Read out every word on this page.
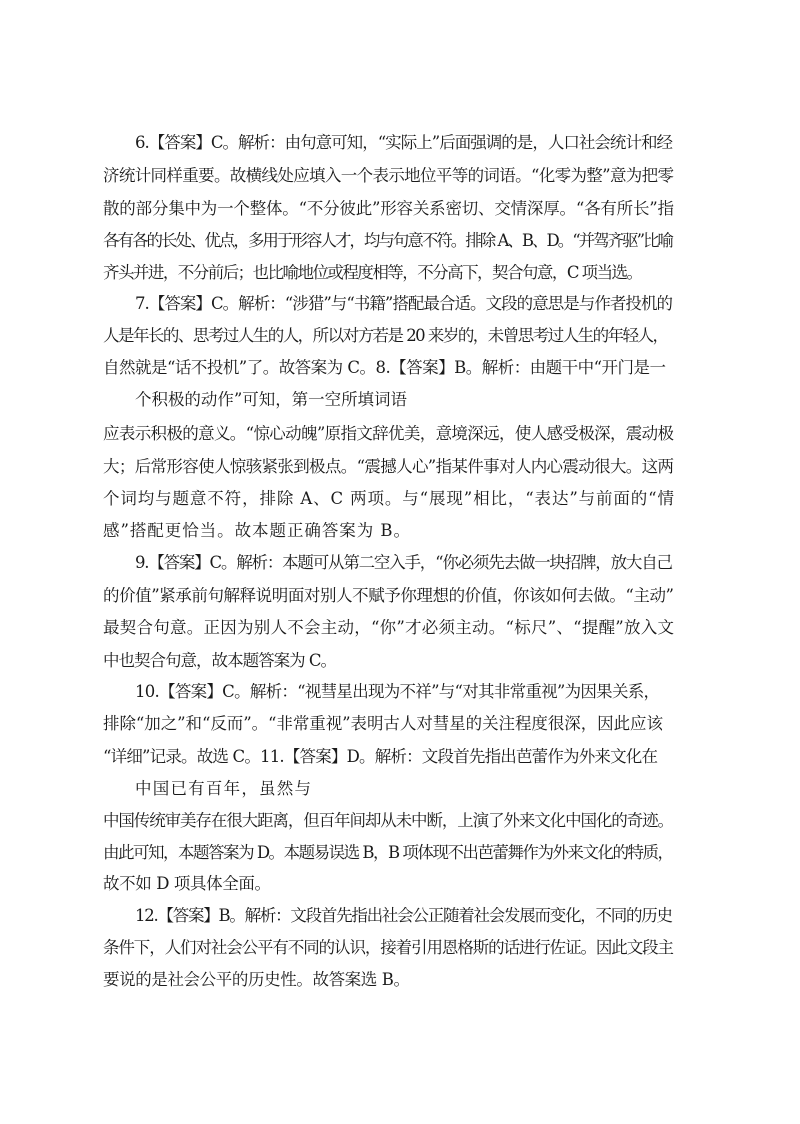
6.【答案】C。解析：由句意可知，“实际上”后面强调的是，人口社会统计和经
济统计同样重要。故横线处应填入一个表示地位平等的词语。“化零为整”意为把零
散的部分集中为一个整体。“不分彼此”形容关系密切、交情深厚。“各有所长”指
各有各的长处、优点，多用于形容人才，均与句意不符。排除 A、B、D。“并驾齐驱”比喻
齐头并进，不分前后；也比喻地位或程度相等，不分高下，契合句意，C 项当选。
7.【答案】C。解析：“涉猎”与“书籍”搭配最合适。文段的意思是与作者投机的
人是年长的、思考过人生的人，所以对方若是 20 来岁的，未曾思考过人生的年轻人，
自然就是“话不投机”了。故答案为 C。8.【答案】B。解析：由题干中“开门是一
个积极的动作”可知，第一空所填词语
应表示积极的意义。“惊心动魄”原指文辞优美，意境深远，使人感受极深，震动极
大；后常形容使人惊骇紧张到极点。“震撼人心”指某件事对人内心震动很大。这两
个词均与题意不符，排除 A、C 两项。与“展现”相比，“表达”与前面的“情
感”搭配更恰当。故本题正确答案为 B。
9.【答案】C。解析：本题可从第二空入手，“你必须先去做一块招牌，放大自己
的价值”紧承前句解释说明面对别人不赋予你理想的价值，你该如何去做。“主动”
最契合句意。正因为别人不会主动，“你”才必须主动。“标尺”、“提醒”放入文
中也契合句意，故本题答案为 C。
10.【答案】C。解析：“视彗星出现为不祥”与“对其非常重视”为因果关系，
排除“加之”和“反而”。“非常重视”表明古人对彗星的关注程度很深，因此应该
“详细”记录。故选 C。11.【答案】D。解析：文段首先指出芭蕾作为外来文化在
中国已有百年，虽然与
中国传统审美存在很大距离，但百年间却从未中断，上演了外来文化中国化的奇迹。
由此可知，本题答案为 D。本题易误选 B，B 项体现不出芭蕾舞作为外来文化的特质，
故不如 D 项具体全面。
12.【答案】B。解析：文段首先指出社会公正随着社会发展而变化，不同的历史
条件下，人们对社会公平有不同的认识，接着引用恩格斯的话进行佐证。因此文段主
要说的是社会公平的历史性。故答案选 B。
